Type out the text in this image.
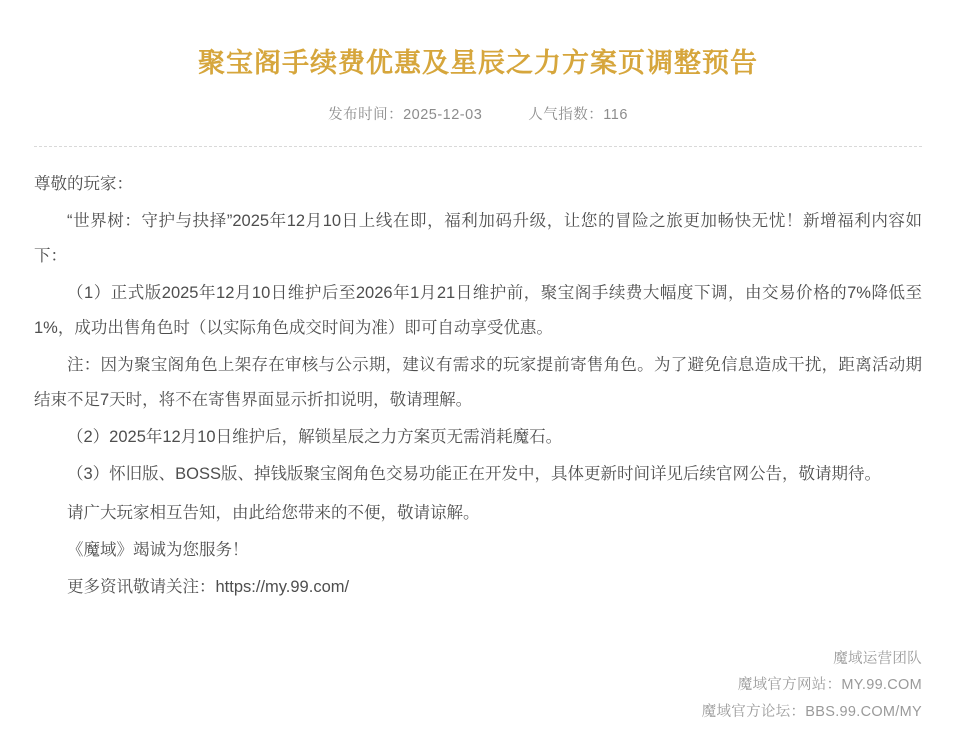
聚宝阁手续费优惠及星辰之力方案页调整预告
发布时间：2025-12-03	人气指数：116

尊敬的玩家：

“世界树：守护与抉择”2025年12月10日上线在即，福利加码升级，让您的冒险之旅更加畅快无忧！新增福利内容如下：

（1）正式版2025年12月10日维护后至2026年1月21日维护前，聚宝阁手续费大幅度下调，由交易价格的7%降低至1%，成功出售角色时（以实际角色成交时间为准）即可自动享受优惠。

注：因为聚宝阁角色上架存在审核与公示期，建议有需求的玩家提前寄售角色。为了避免信息造成干扰，距离活动期结束不足7天时，将不在寄售界面显示折扣说明，敬请理解。

（2）2025年12月10日维护后，解锁星辰之力方案页无需消耗魔石。

（3）怀旧版、BOSS版、掉钱版聚宝阁角色交易功能正在开发中，具体更新时间详见后续官网公告，敬请期待。

请广大玩家相互告知，由此给您带来的不便，敬请谅解。

《魔域》竭诚为您服务！

更多资讯敬请关注：https://my.99.com/

魔域运营团队
魔域官方网站：MY.99.COM
魔域官方论坛：BBS.99.COM/MY
